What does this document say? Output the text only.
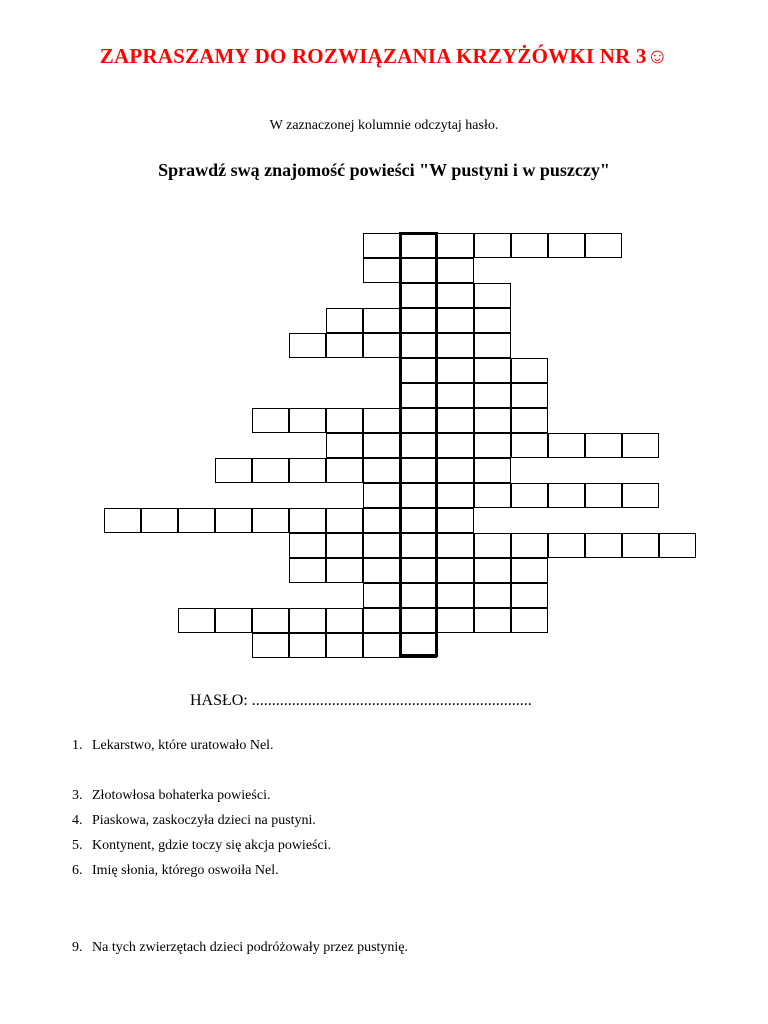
ZAPRASZAMY DO ROZWIĄZANIA KRZYŻÓWKI NR 3☺
W zaznaczonej kolumnie odczytaj hasło.
Sprawdź swą znajomość powieści "W pustyni i w puszczy"
HASŁO: ......................................................................
1. Lekarstwo, które uratowało Nel.
3. Złotowłosa bohaterka powieści.
4. Piaskowa, zaskoczyła dzieci na pustyni.
5. Kontynent, gdzie toczy się akcja powieści.
6. Imię słonia, którego oswoiła Nel.
9. Na tych zwierzętach dzieci podróżowały przez pustynię.
